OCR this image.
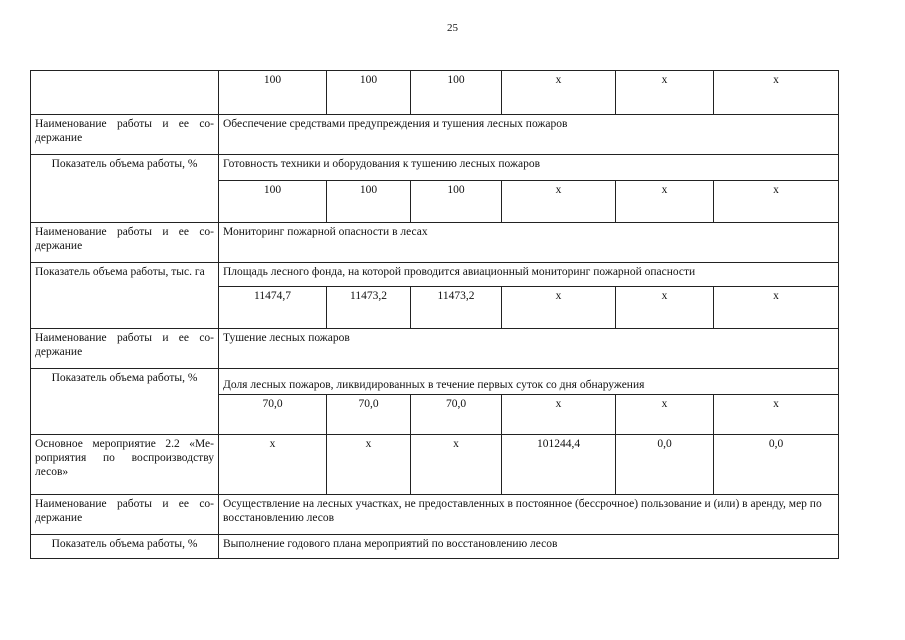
25
	100	100	100	x	x	x
Наименование работы и ее со-держание	Обеспечение средствами предупреждения и тушения лесных пожаров					
Показатель объема работы, %	Готовность техники и оборудования к тушению лесных пожаров					
	100	100	100	x	x	x
Наименование работы и ее со-держание	Мониторинг пожарной опасности в лесах					
Показатель объема работы, тыс. га	Площадь лесного фонда, на которой проводится авиационный мониторинг пожарной опасности					
	11474,7	11473,2	11473,2	x	x	x
Наименование работы и ее со-держание	Тушение лесных пожаров					
Показатель объема работы, %	Доля лесных пожаров, ликвидированных в течение первых суток со дня обнаружения					
	70,0	70,0	70,0	x	x	x
Основное мероприятие 2.2 «Ме-роприятия по воспроизводству лесов»	x	x	x	101244,4	0,0	0,0
Наименование работы и ее со-держание	Осуществление на лесных участках, не предоставленных в постоянное (бессрочное) пользование и (или) в аренду, мер по восстановлению лесов					
Показатель объема работы, %	Выполнение годового плана мероприятий по восстановлению лесов					
